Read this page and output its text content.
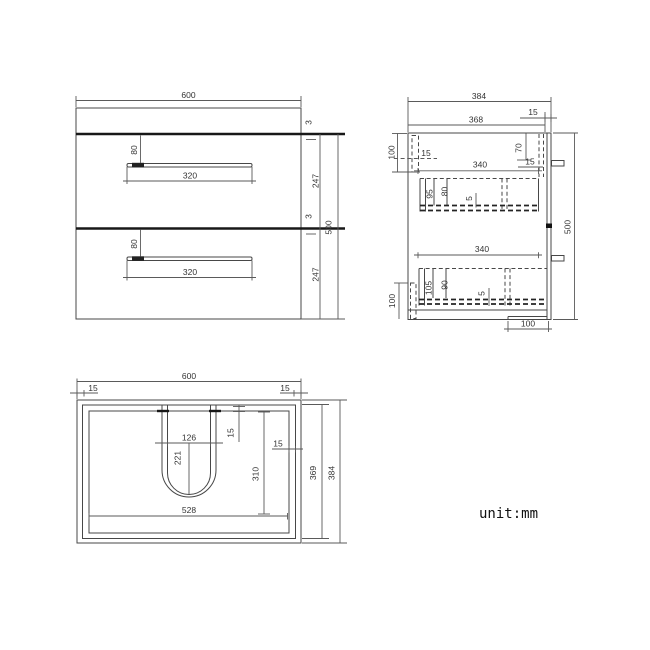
80
320
80
320
600
3
247
3
247
500
384
368
15
100	15	70
15
340
95 80
5
340
105 90
5
100
100
500
600
15	15
126
221
15
15
310
528
369 384
unit:mm
